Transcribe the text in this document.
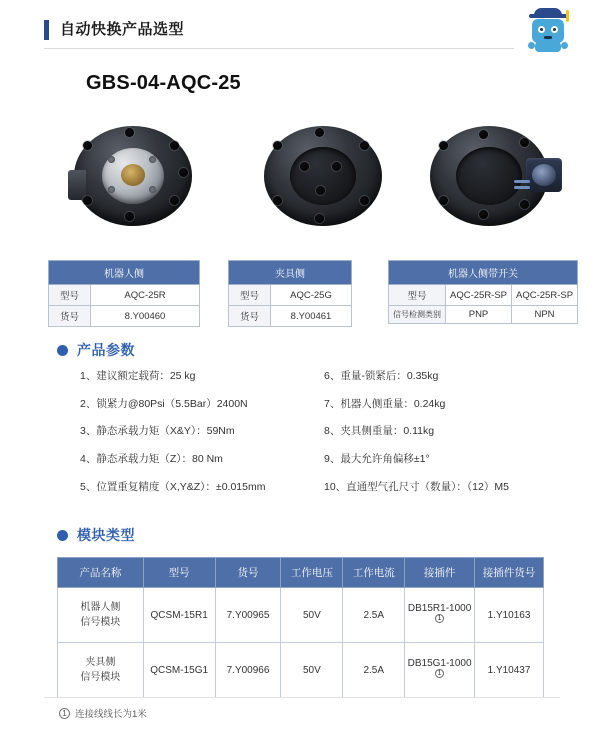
自动快换产品选型
GBS-04-AQC-25
机器人侧	
型号	AQC-25R
货号	8.Y00460
夹具侧	
型号	AQC-25G
货号	8.Y00461
机器人侧带开关		
型号	AQC-25R-SP	AQC-25R-SP
信号检测类别	PNP	NPN
产品参数
1、建议额定载荷：25 kg
2、锁紧力@80Psi（5.5Bar）2400N
3、静态承载力矩（X&Y）：59Nm
4、静态承载力矩（Z）：80 Nm
5、位置重复精度（X,Y&Z）：±0.015mm
6、重量-锁紧后：0.35kg
7、机器人侧重量：0.24kg
8、夹具侧重量：0.11kg
9、最大允许角偏移±1°
10、直通型气孔尺寸（数量）：（12）M5
模块类型
产品名称	型号	货号	工作电压	工作电流	接插件	接插件货号

机器人侧
信号模块	QCSM-15R1	7.Y00965	50V	2.5A	DB15R1-10001	1.Y10163

夹具侧
信号模块	QCSM-15G1	7.Y00966	50V	2.5A	DB15G1-10001	1.Y10437
1 连接线线长为1米
